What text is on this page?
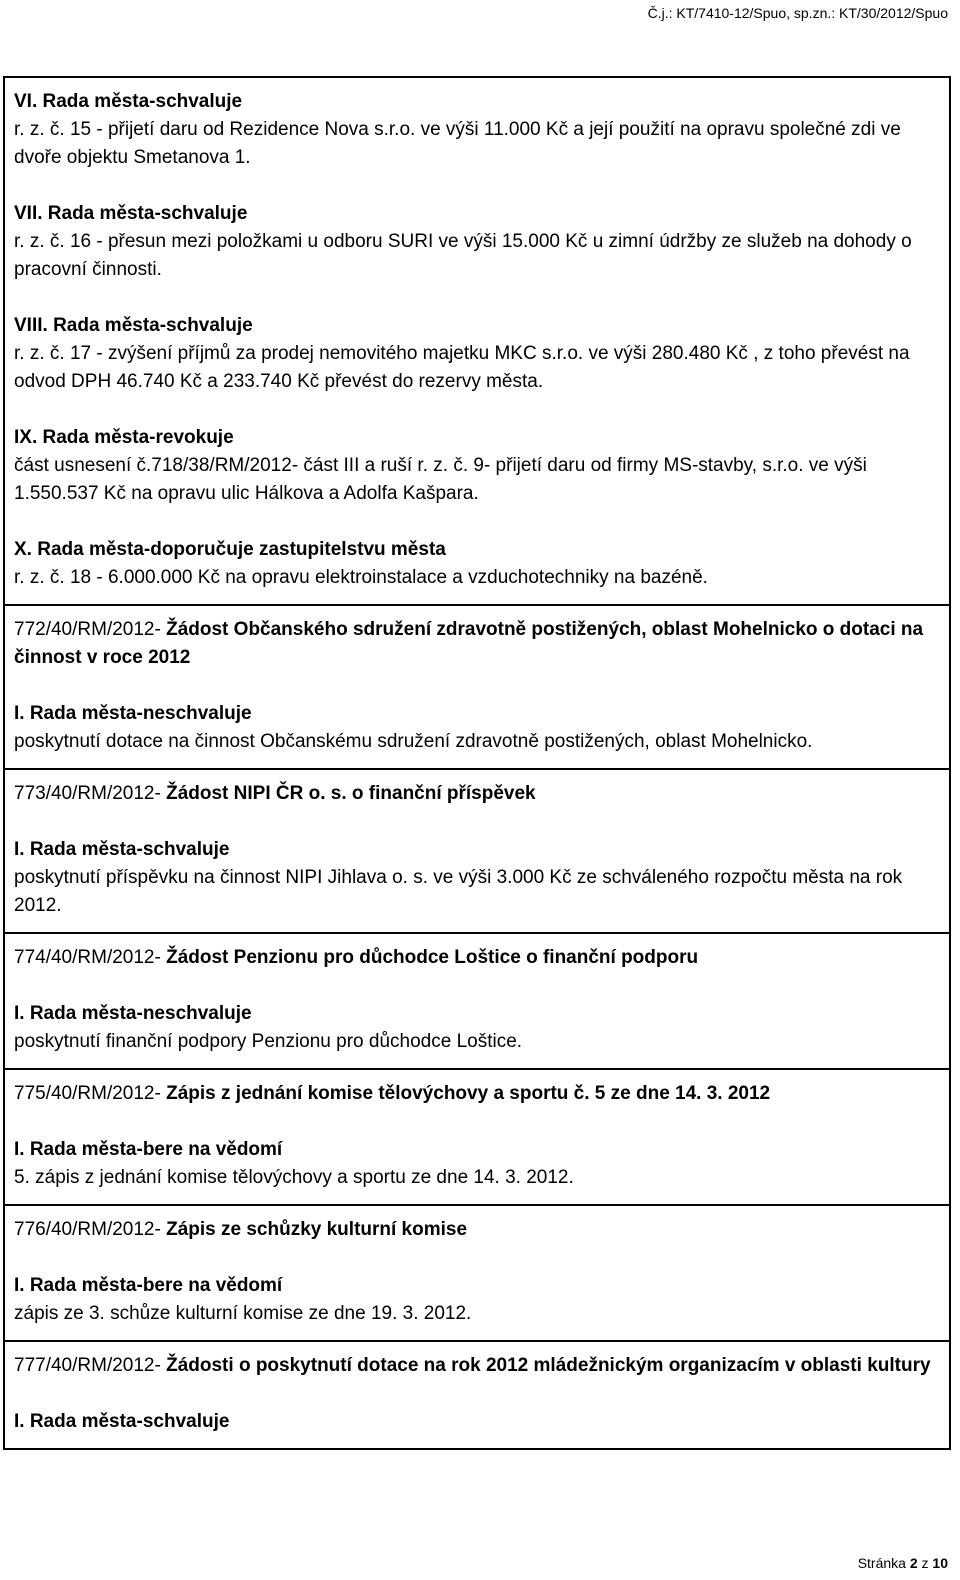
Č.j.: KT/7410-12/Spuo, sp.zn.: KT/30/2012/Spuo

VI. Rada města-schvaluje

r. z. č. 15 - přijetí daru od Rezidence Nova s.r.o. ve výši 11.000 Kč a její použití na opravu společné zdi ve dvoře objektu Smetanova 1.

VII. Rada města-schvaluje

r. z. č. 16 - přesun mezi položkami u odboru SURI ve výši 15.000 Kč u zimní údržby ze služeb na dohody o pracovní činnosti.

VIII. Rada města-schvaluje

r. z. č. 17 - zvýšení příjmů za prodej nemovitého majetku MKC s.r.o. ve výši 280.480 Kč , z toho převést na odvod DPH 46.740 Kč a 233.740 Kč převést do rezervy města.

IX. Rada města-revokuje

část usnesení č.718/38/RM/2012- část III a ruší r. z. č. 9- přijetí daru od firmy MS-stavby, s.r.o. ve výši 1.550.537 Kč na opravu ulic Hálkova a Adolfa Kašpara.

X. Rada města-doporučuje zastupitelstvu města

r. z. č. 18 - 6.000.000 Kč na opravu elektroinstalace a vzduchotechniky na bazéně.

772/40/RM/2012- Žádost Občanského sdružení zdravotně postižených, oblast Mohelnicko o dotaci na činnost v roce 2012

I. Rada města-neschvaluje

poskytnutí dotace na činnost Občanskému sdružení zdravotně postižených, oblast Mohelnicko.

773/40/RM/2012- Žádost NIPI ČR o. s. o finanční příspěvek

I. Rada města-schvaluje

poskytnutí příspěvku na činnost NIPI Jihlava o. s. ve výši 3.000 Kč ze schváleného rozpočtu města na rok 2012.

774/40/RM/2012- Žádost Penzionu pro důchodce Loštice o finanční podporu

I. Rada města-neschvaluje

poskytnutí finanční podpory Penzionu pro důchodce Loštice.

775/40/RM/2012- Zápis z jednání komise tělovýchovy a sportu č. 5 ze dne 14. 3. 2012

I. Rada města-bere na vědomí

5. zápis z jednání komise tělovýchovy a sportu ze dne 14. 3. 2012.

776/40/RM/2012- Zápis ze schůzky kulturní komise

I. Rada města-bere na vědomí

zápis ze 3. schůze kulturní komise ze dne 19. 3. 2012.

777/40/RM/2012- Žádosti o poskytnutí dotace na rok 2012 mládežnickým organizacím v oblasti kultury

I. Rada města-schvaluje

Stránka 2 z 10
